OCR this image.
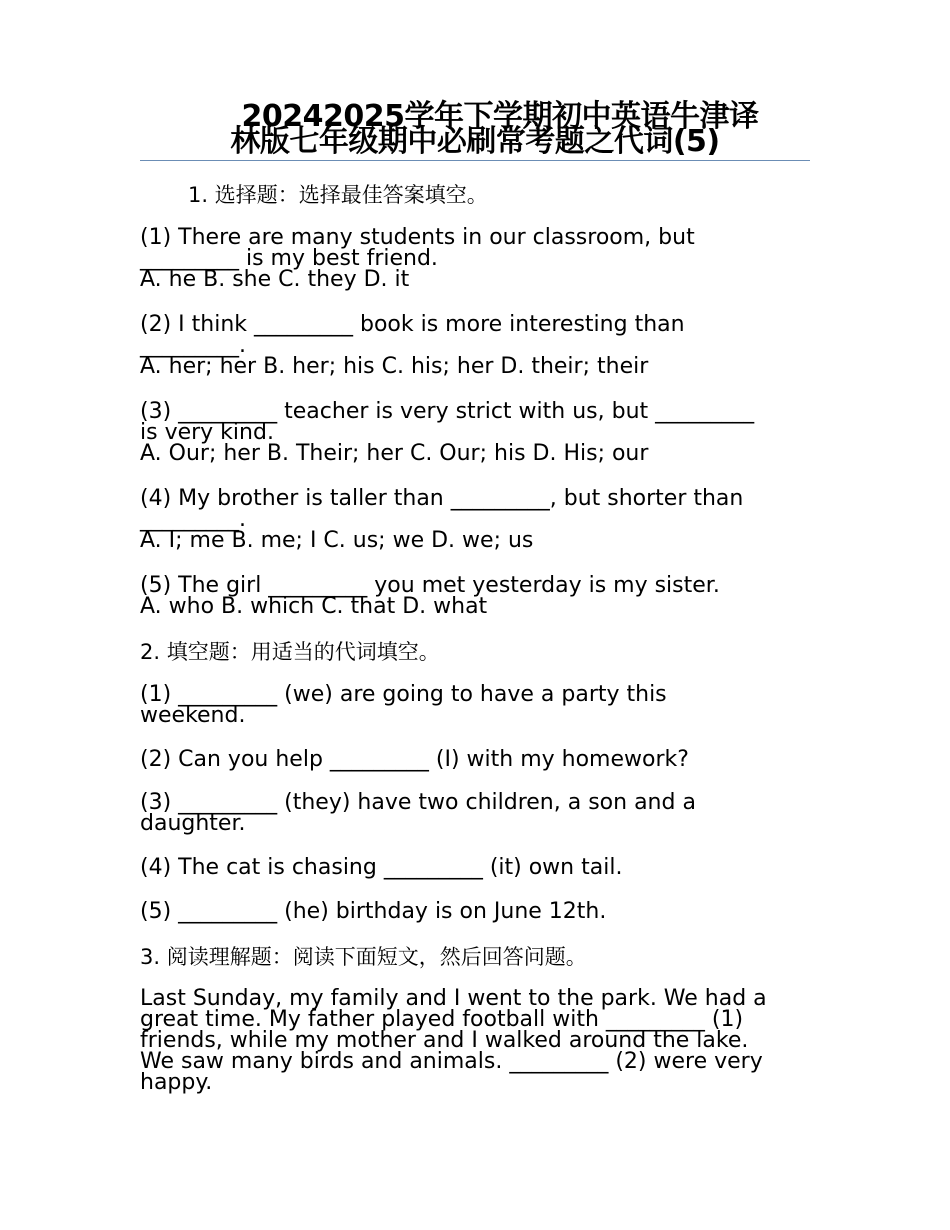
20242025学年下学期初中英语牛津译
林版七年级期中必刷常考题之代词(5)
1. 选择题：选择最佳答案填空。
(1) There are many students in our classroom, but
_________ is my best friend.
A. he B. she C. they D. it
(2) I think _________ book is more interesting than
_________.
A. her; her B. her; his C. his; her D. their; their
(3) _________ teacher is very strict with us, but _________
is very kind.
A. Our; her B. Their; her C. Our; his D. His; our
(4) My brother is taller than _________, but shorter than
_________.
A. I; me B. me; I C. us; we D. we; us
(5) The girl _________ you met yesterday is my sister.
A. who B. which C. that D. what
2. 填空题：用适当的代词填空。
(1) _________ (we) are going to have a party this
weekend.
(2) Can you help _________ (I) with my homework?
(3) _________ (they) have two children, a son and a
daughter.
(4) The cat is chasing _________ (it) own tail.
(5) _________ (he) birthday is on June 12th.
3. 阅读理解题：阅读下面短文，然后回答问题。
Last Sunday, my family and I went to the park. We had a
great time. My father played football with _________ (1)
friends, while my mother and I walked around the lake.
We saw many birds and animals. _________ (2) were very
happy.
